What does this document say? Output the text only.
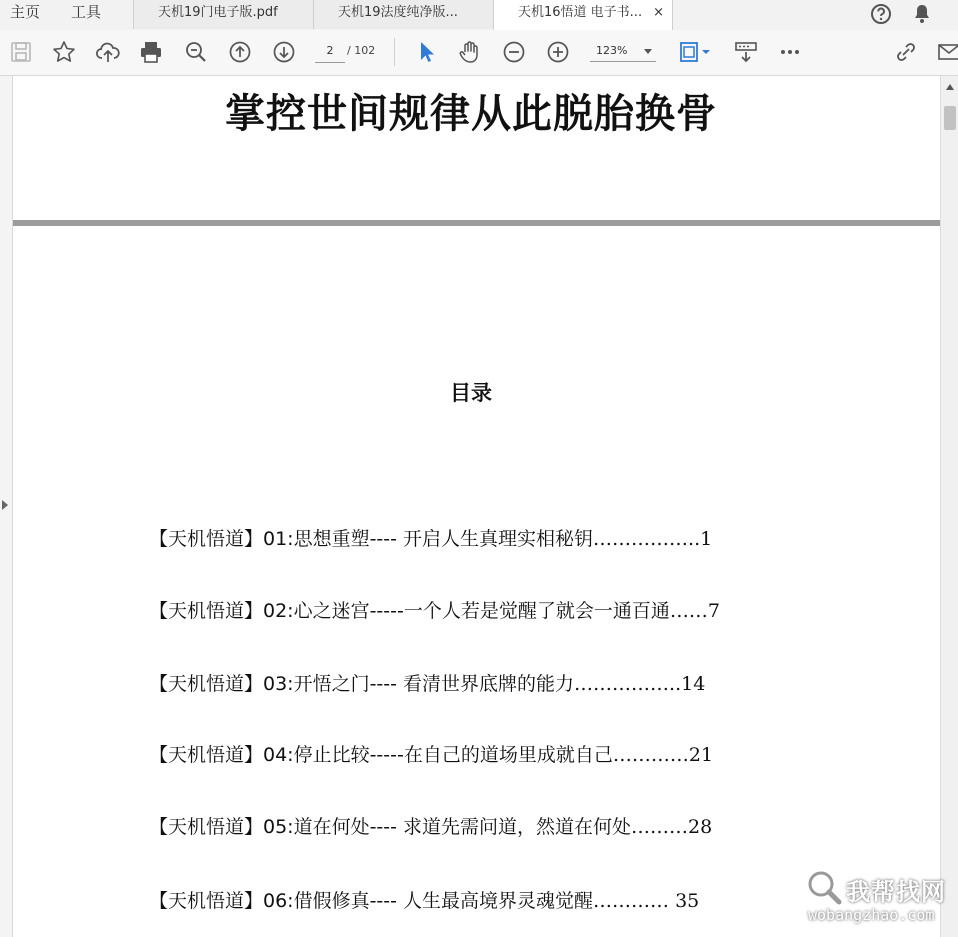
主页 工具	天机19门电子版.pdf	天机19法度纯净版...	天机16悟道 电子书... ×
2	/ 102	123%
掌控世间规律从此脱胎换骨
目录
【天机悟道】01:思想重塑---- 开启人生真理实相秘钥……………..1
【天机悟道】02:心之迷宫-----一个人若是觉醒了就会一通百通……7
【天机悟道】03:开悟之门---- 看清世界底牌的能力……………..14
【天机悟道】04:停止比较-----在自己的道场里成就自己…………21
【天机悟道】05:道在何处---- 求道先需问道，然道在何处………28
【天机悟道】06:借假修真---- 人生最高境界灵魂觉醒………… 35	我帮找网
wobangzhao.com
